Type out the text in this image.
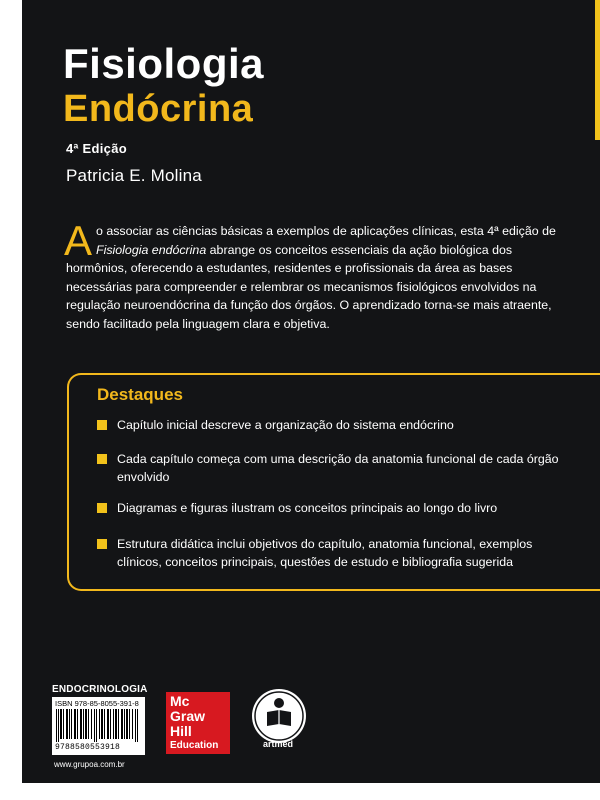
Fisiologia
Endócrina
4ª Edição
Patricia E. Molina
Ao associar as ciências básicas a exemplos de aplicações clínicas, esta 4ª edição de Fisiologia endócrina abrange os conceitos essenciais da ação biológica dos hormônios, oferecendo a estudantes, residentes e profissionais da área as bases necessárias para compreender e relembrar os mecanismos fisiológicos envolvidos na regulação neuroendócrina da função dos órgãos. O aprendizado torna-se mais atraente, sendo facilitado pela linguagem clara e objetiva.
Destaques
Capítulo inicial descreve a organização do sistema endócrino
Cada capítulo começa com uma descrição da anatomia funcional de cada órgão envolvido
Diagramas e figuras ilustram os conceitos principais ao longo do livro
Estrutura didática inclui objetivos do capítulo, anatomia funcional, exemplos clínicos, conceitos principais, questões de estudo e bibliografia sugerida
ENDOCRINOLOGIA
ISBN 978-85-8055-391-8
9788580553918
www.grupoa.com.br
Mc
Graw
Hill
Education	artmed
